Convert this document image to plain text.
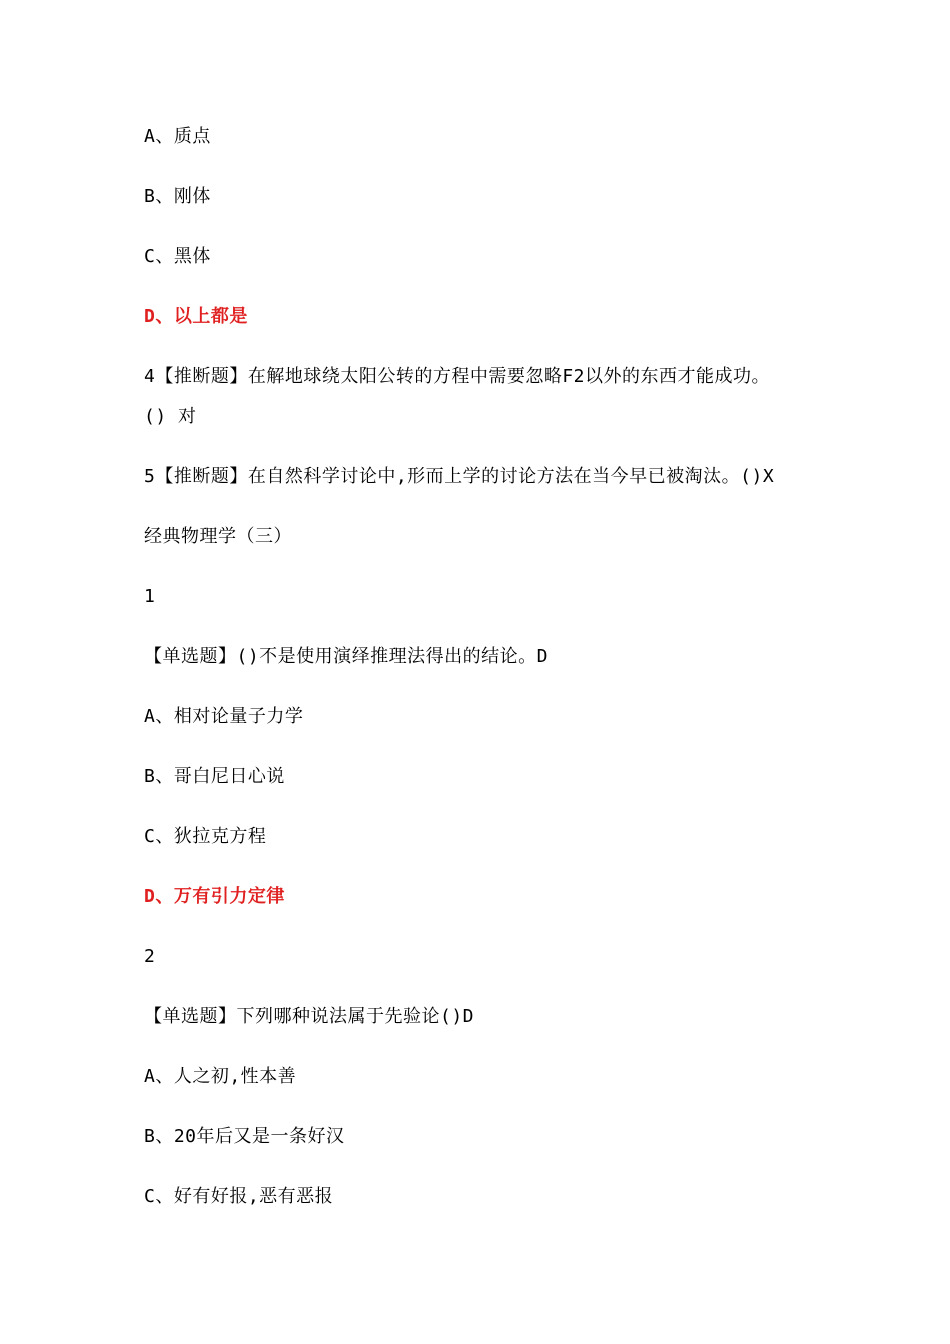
A、质点
B、刚体
C、黑体
D、以上都是
4【推断题】在解地球绕太阳公转的方程中需要忽略F2以外的东西才能成功。
() 对
5【推断题】在自然科学讨论中,形而上学的讨论方法在当今早已被淘汰。()X
经典物理学（三）
1
【单选题】()不是使用演绎推理法得出的结论。D
A、相对论量子力学
B、哥白尼日心说
C、狄拉克方程
D、万有引力定律
2
【单选题】下列哪种说法属于先验论()D
A、人之初,性本善
B、20年后又是一条好汉
C、好有好报,恶有恶报
